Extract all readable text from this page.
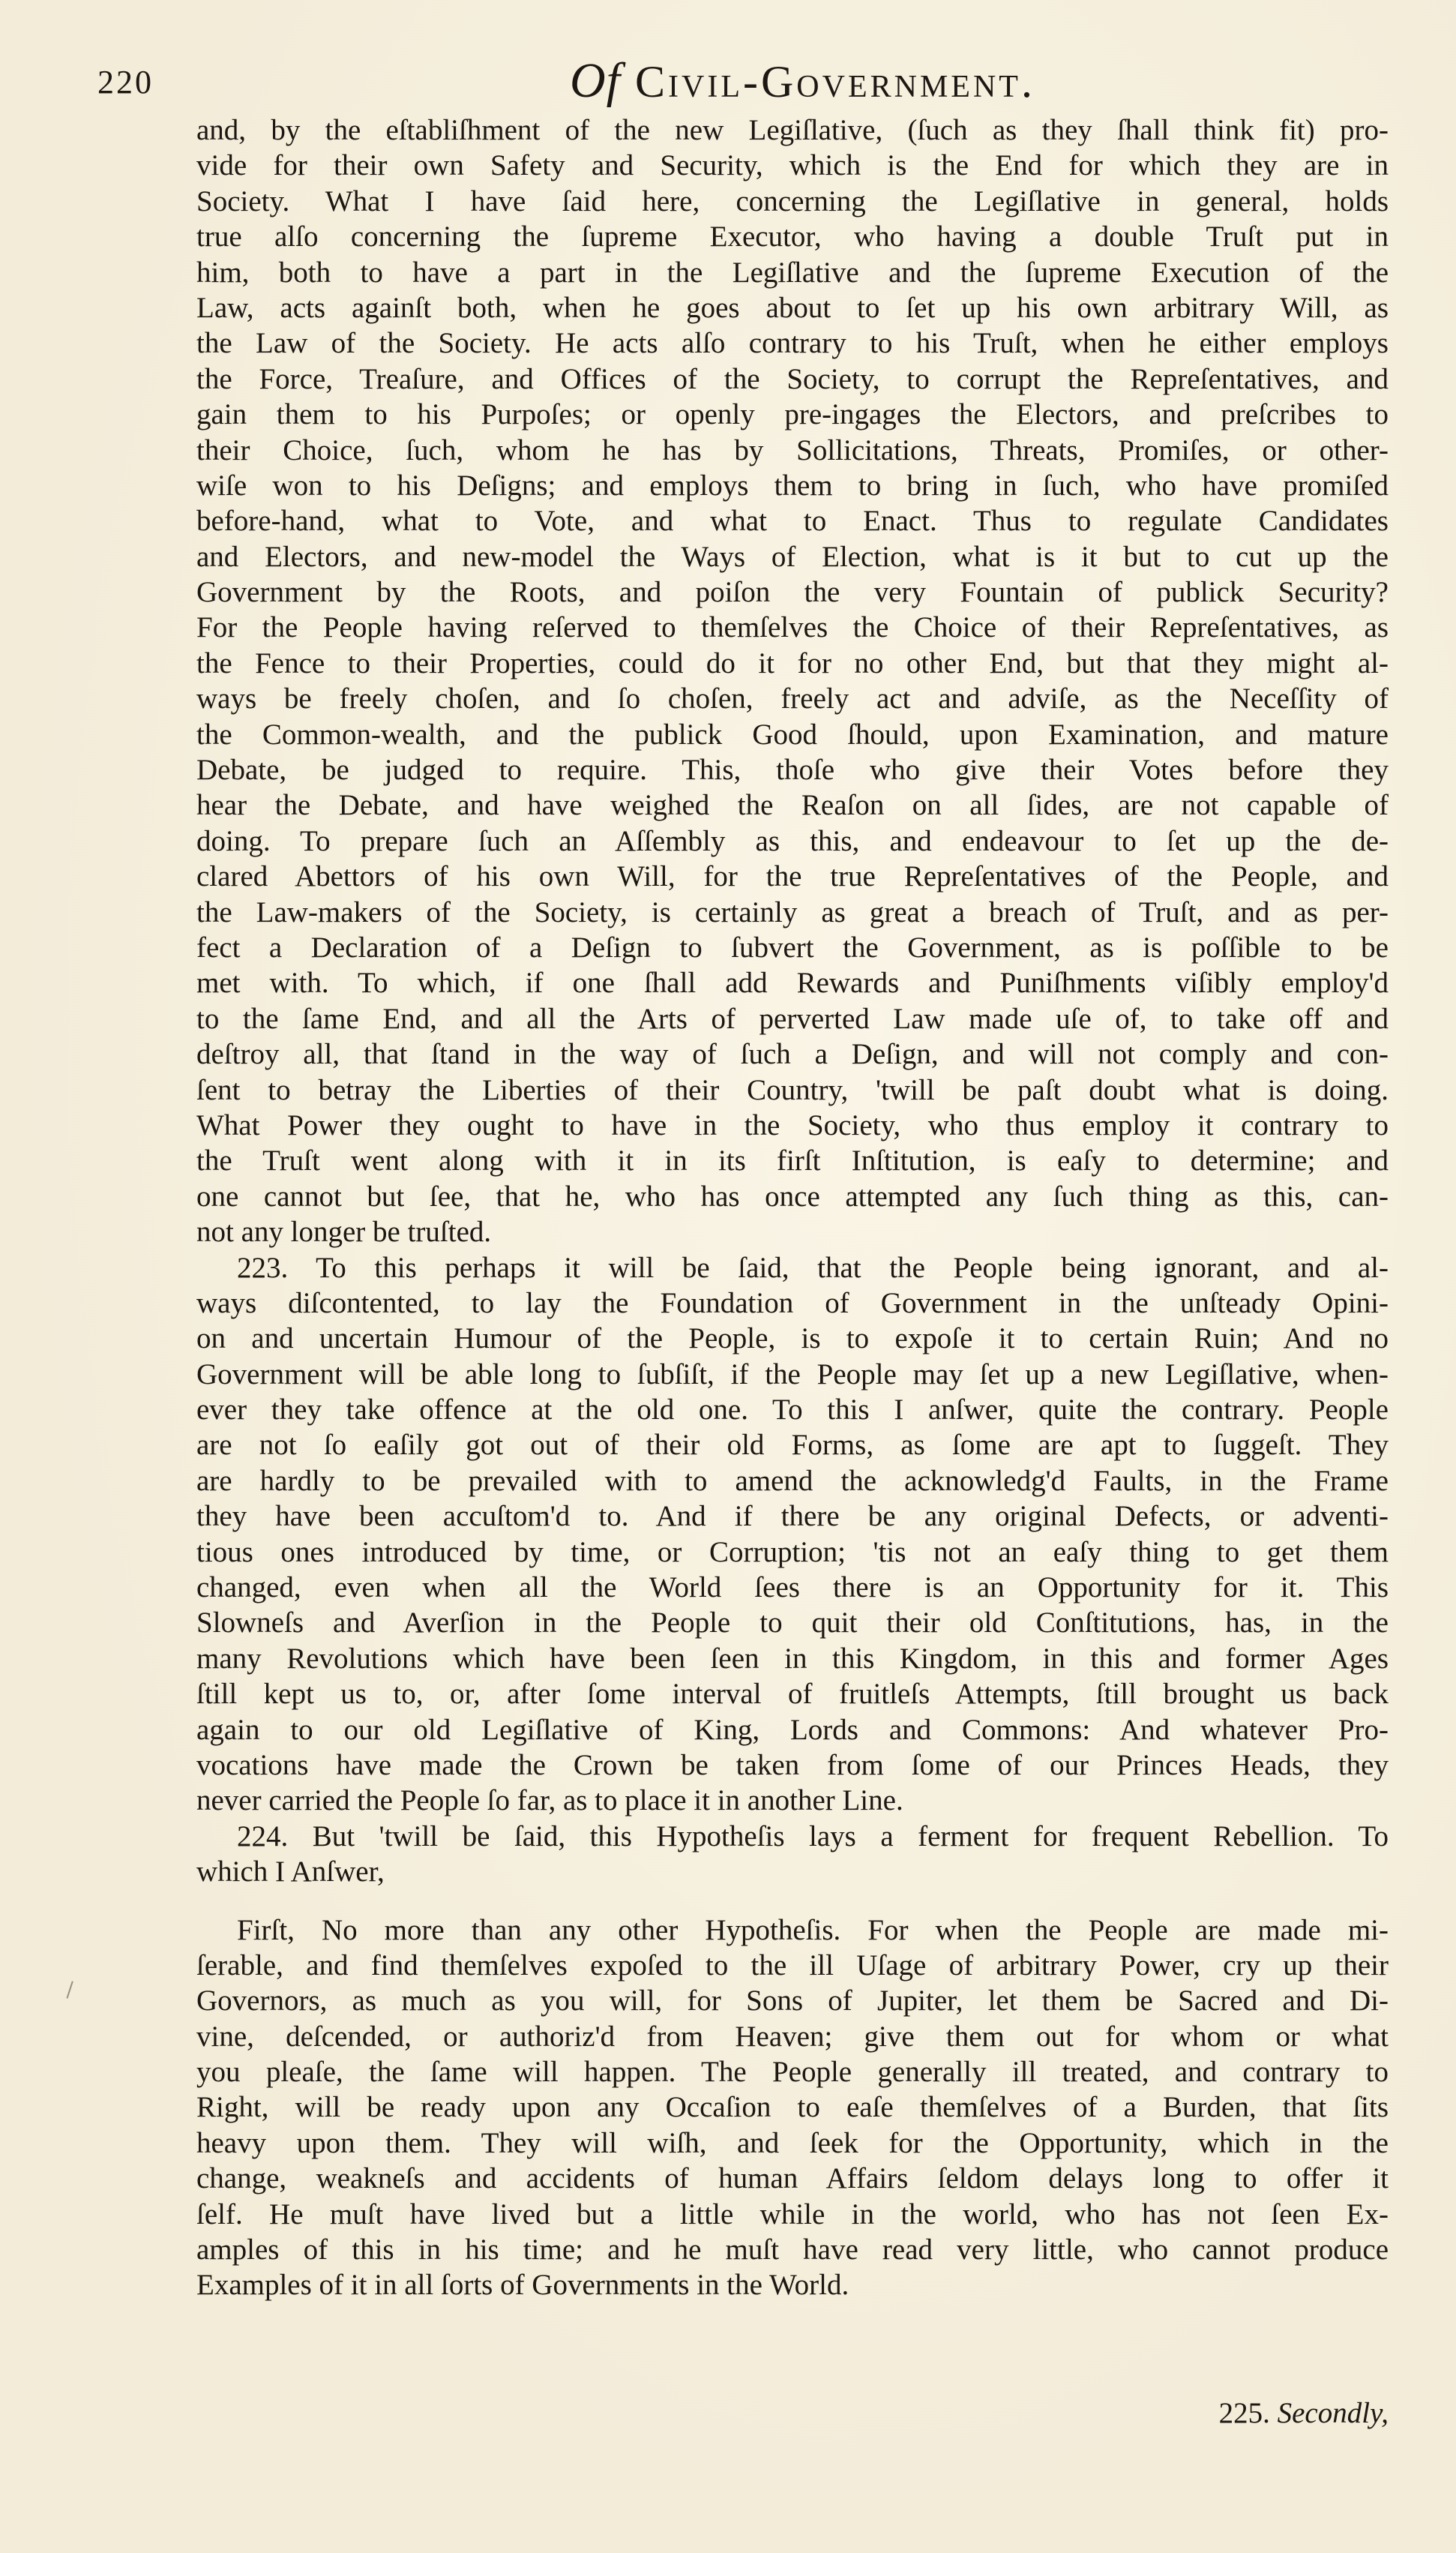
220	Of Civil-Government.
and, by the eſtabliſhment of the new Legiſlative, (ſuch as they ſhall think fit) pro-
vide for their own Safety and Security, which is the End for which they are in
Society. What I have ſaid here, concerning the Legiſlative in general, holds
true alſo concerning the ſupreme Executor, who having a double Truſt put in
him, both to have a part in the Legiſlative and the ſupreme Execution of the
Law, acts againſt both, when he goes about to ſet up his own arbitrary Will, as
the Law of the Society. He acts alſo contrary to his Truſt, when he either employs
the Force, Treaſure, and Offices of the Society, to corrupt the Repreſentatives, and
gain them to his Purpoſes; or openly pre-ingages the Electors, and preſcribes to
their Choice, ſuch, whom he has by Sollicitations, Threats, Promiſes, or other-
wiſe won to his Deſigns; and employs them to bring in ſuch, who have promiſed
before-hand, what to Vote, and what to Enact. Thus to regulate Candidates
and Electors, and new-model the Ways of Election, what is it but to cut up the
Government by the Roots, and poiſon the very Fountain of publick Security?
For the People having reſerved to themſelves the Choice of their Repreſentatives, as
the Fence to their Properties, could do it for no other End, but that they might al-
ways be freely choſen, and ſo choſen, freely act and adviſe, as the Neceſſity of
the Common-wealth, and the publick Good ſhould, upon Examination, and mature
Debate, be judged to require. This, thoſe who give their Votes before they
hear the Debate, and have weighed the Reaſon on all ſides, are not capable of
doing. To prepare ſuch an Aſſembly as this, and endeavour to ſet up the de-
clared Abettors of his own Will, for the true Repreſentatives of the People, and
the Law-makers of the Society, is certainly as great a breach of Truſt, and as per-
fect a Declaration of a Deſign to ſubvert the Government, as is poſſible to be
met with. To which, if one ſhall add Rewards and Puniſhments viſibly employ'd
to the ſame End, and all the Arts of perverted Law made uſe of, to take off and
deſtroy all, that ſtand in the way of ſuch a Deſign, and will not comply and con-
ſent to betray the Liberties of their Country, 'twill be paſt doubt what is doing.
What Power they ought to have in the Society, who thus employ it contrary to
the Truſt went along with it in its firſt Inſtitution, is eaſy to determine; and
one cannot but ſee, that he, who has once attempted any ſuch thing as this, can-
not any longer be truſted.
223. To this perhaps it will be ſaid, that the People being ignorant, and al-
ways diſcontented, to lay the Foundation of Government in the unſteady Opini-
on and uncertain Humour of the People, is to expoſe it to certain Ruin; And no
Government will be able long to ſubſiſt, if the People may ſet up a new Legiſlative, when-
ever they take offence at the old one. To this I anſwer, quite the contrary. People
are not ſo eaſily got out of their old Forms, as ſome are apt to ſuggeſt. They
are hardly to be prevailed with to amend the acknowledg'd Faults, in the Frame
they have been accuſtom'd to. And if there be any original Defects, or adventi-
tious ones introduced by time, or Corruption; 'tis not an eaſy thing to get them
changed, even when all the World ſees there is an Opportunity for it. This
Slowneſs and Averſion in the People to quit their old Conſtitutions, has, in the
many Revolutions which have been ſeen in this Kingdom, in this and former Ages
ſtill kept us to, or, after ſome interval of fruitleſs Attempts, ſtill brought us back
again to our old Legiſlative of King, Lords and Commons: And whatever Pro-
vocations have made the Crown be taken from ſome of our Princes Heads, they
never carried the People ſo far, as to place it in another Line.
224. But 'twill be ſaid, this Hypotheſis lays a ferment for frequent Rebellion. To
which I Anſwer,
Firſt, No more than any other Hypotheſis. For when the People are made mi-
ſerable, and find themſelves expoſed to the ill Uſage of arbitrary Power, cry up their
Governors, as much as you will, for Sons of Jupiter, let them be Sacred and Di-
vine, deſcended, or authoriz'd from Heaven; give them out for whom or what
you pleaſe, the ſame will happen. The People generally ill treated, and contrary to
Right, will be ready upon any Occaſion to eaſe themſelves of a Burden, that ſits
heavy upon them. They will wiſh, and ſeek for the Opportunity, which in the
change, weakneſs and accidents of human Affairs ſeldom delays long to offer it
ſelf. He muſt have lived but a little while in the world, who has not ſeen Ex-
amples of this in his time; and he muſt have read very little, who cannot produce
Examples of it in all ſorts of Governments in the World.
225. Secondly,
